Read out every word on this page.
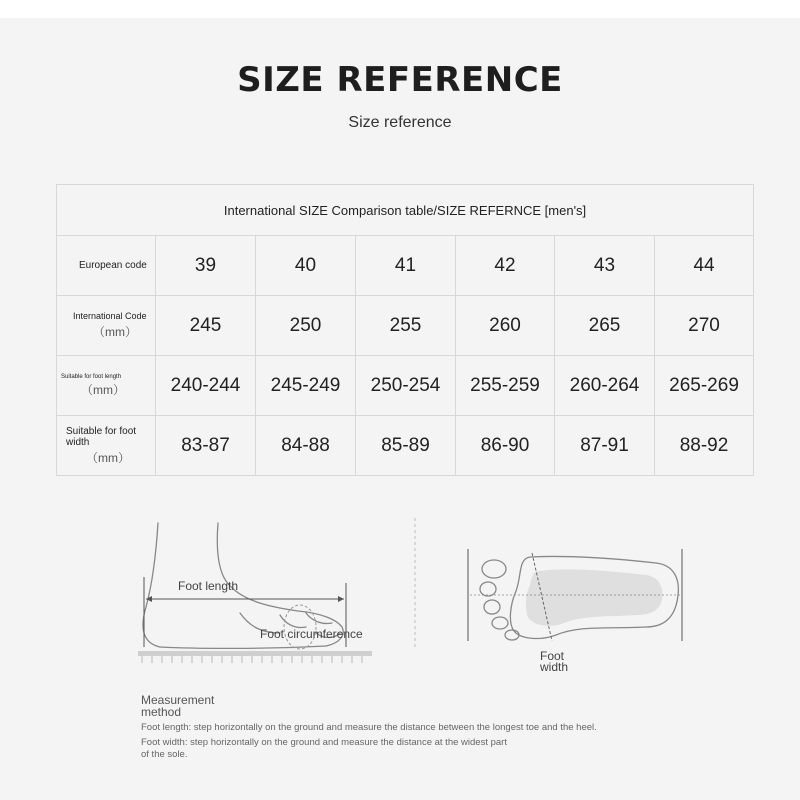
SIZE REFERENCE

Size reference

International SIZE Comparison table/SIZE REFERNCE [men's]						

European code	39	40	41	42	43	44

International Code
（mm）	245	250	255	260	265	270

Suitable for foot length
（mm）	240-244	245-249	250-254	255-259	260-264	265-269

Suitable for foot width
（mm）	83-87	84-88	85-89	86-90	87-91	88-92
Foot length
Foot circumference
Foot
width

Measurement method

Foot length: step horizontally on the ground and measure the distance between the longest toe and the heel.

Foot width: step horizontally on the ground and measure the distance at the widest part of the sole.
